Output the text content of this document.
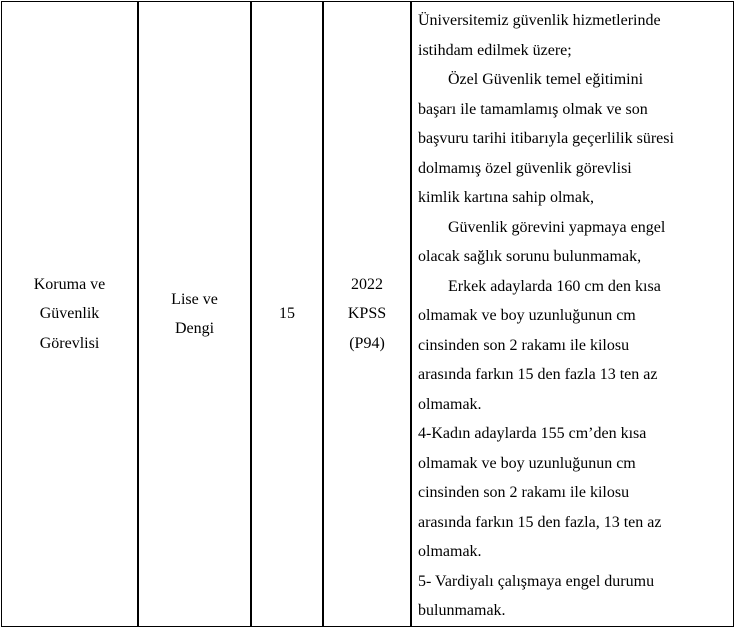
Koruma ve
Güvenlik
Görevlisi
Lise ve
Dengi
15
2022
KPSS
(P94)
Üniversitemiz güvenlik hizmetlerinde
istihdam edilmek üzere;
Özel Güvenlik temel eğitimini
başarı ile tamamlamış olmak ve son
başvuru tarihi itibarıyla geçerlilik süresi
dolmamış özel güvenlik görevlisi
kimlik kartına sahip olmak,
Güvenlik görevini yapmaya engel
olacak sağlık sorunu bulunmamak,
Erkek adaylarda 160 cm den kısa
olmamak ve boy uzunluğunun cm
cinsinden son 2 rakamı ile kilosu
arasında farkın 15 den fazla 13 ten az
olmamak.
4-Kadın adaylarda 155 cm’den kısa
olmamak ve boy uzunluğunun cm
cinsinden son 2 rakamı ile kilosu
arasında farkın 15 den fazla, 13 ten az
olmamak.
5- Vardiyalı çalışmaya engel durumu
bulunmamak.
